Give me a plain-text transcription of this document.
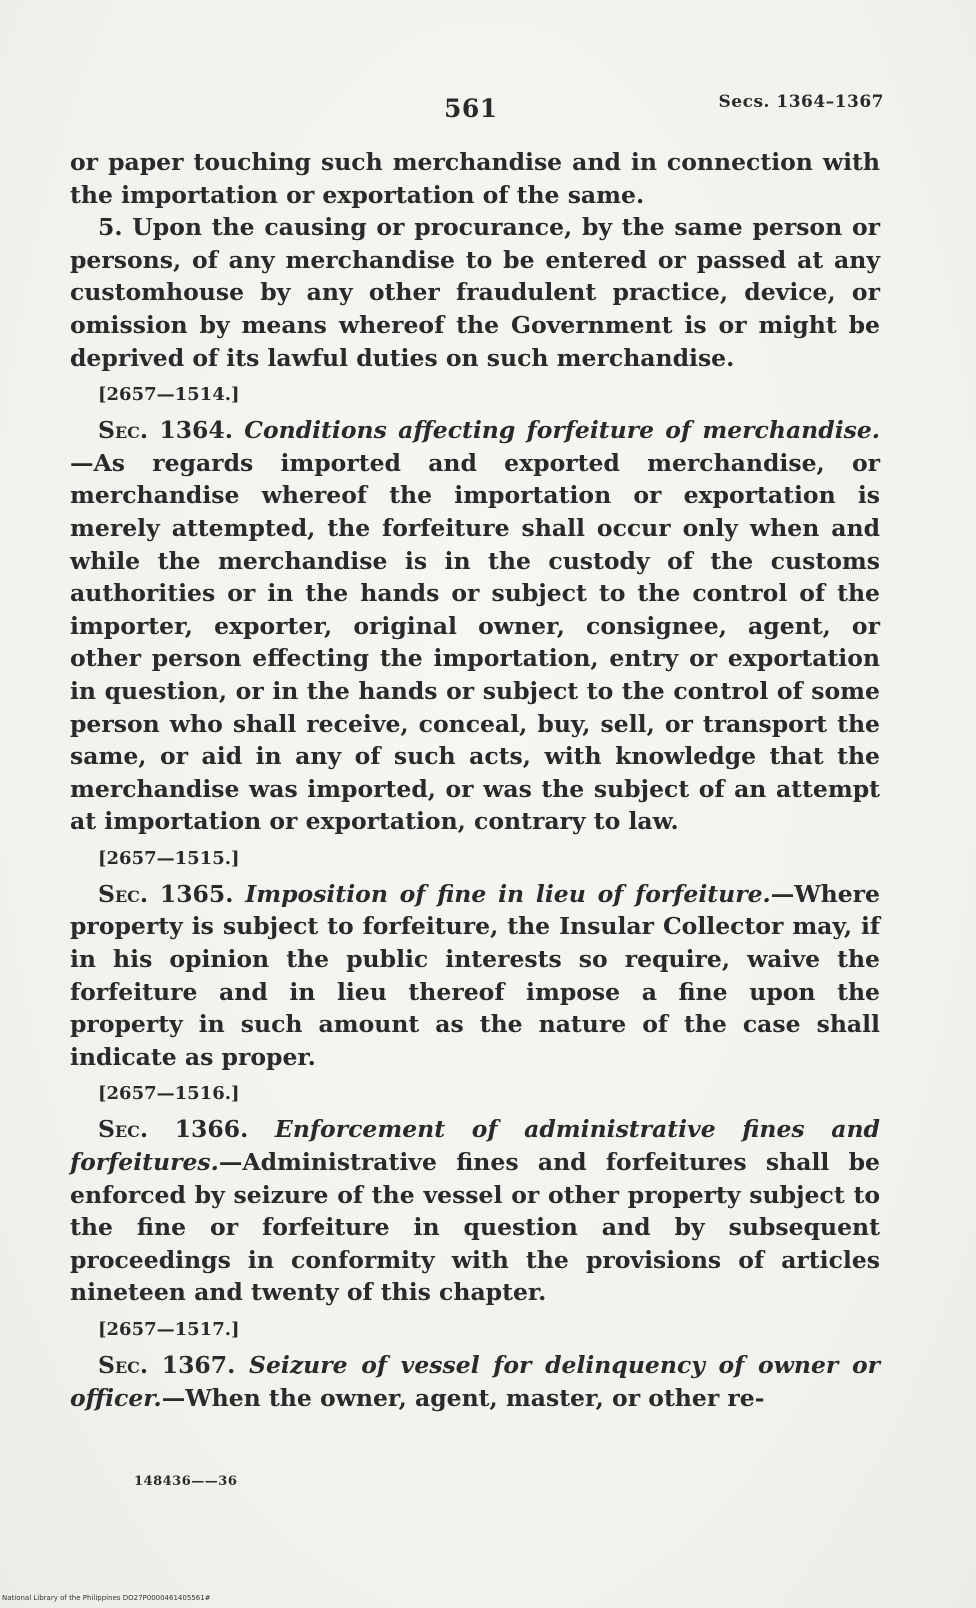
561	Secs. 1364–1367

or paper touching such merchandise and in connection with the importation or exportation of the same.

5. Upon the causing or procurance, by the same person or persons, of any merchandise to be entered or passed at any customhouse by any other fraudulent practice, device, or omission by means whereof the Government is or might be deprived of its lawful duties on such merchandise.

[2657—1514.]

Sec. 1364. Conditions affecting forfeiture of merchandise.—As regards imported and exported merchandise, or merchandise whereof the importation or exportation is merely attempted, the forfeiture shall occur only when and while the merchandise is in the custody of the customs authorities or in the hands or subject to the control of the importer, exporter, original owner, consignee, agent, or other person effecting the importation, entry or exportation in question, or in the hands or subject to the control of some person who shall receive, conceal, buy, sell, or transport the same, or aid in any of such acts, with knowledge that the merchandise was imported, or was the subject of an attempt at importation or exportation, contrary to law.

[2657—1515.]

Sec. 1365. Imposition of fine in lieu of forfeiture.—Where property is subject to forfeiture, the Insular Collector may, if in his opinion the public interests so require, waive the forfeiture and in lieu thereof impose a fine upon the property in such amount as the nature of the case shall indicate as proper.

[2657—1516.]

Sec. 1366. Enforcement of administrative fines and forfeitures.—Administrative fines and forfeitures shall be enforced by seizure of the vessel or other property subject to the fine or forfeiture in question and by subsequent proceedings in conformity with the provisions of articles nineteen and twenty of this chapter.

[2657—1517.]

Sec. 1367. Seizure of vessel for delinquency of owner or officer.—When the owner, agent, master, or other re-

148436——36
National Library of the Philippines DO27P0000461405561#
